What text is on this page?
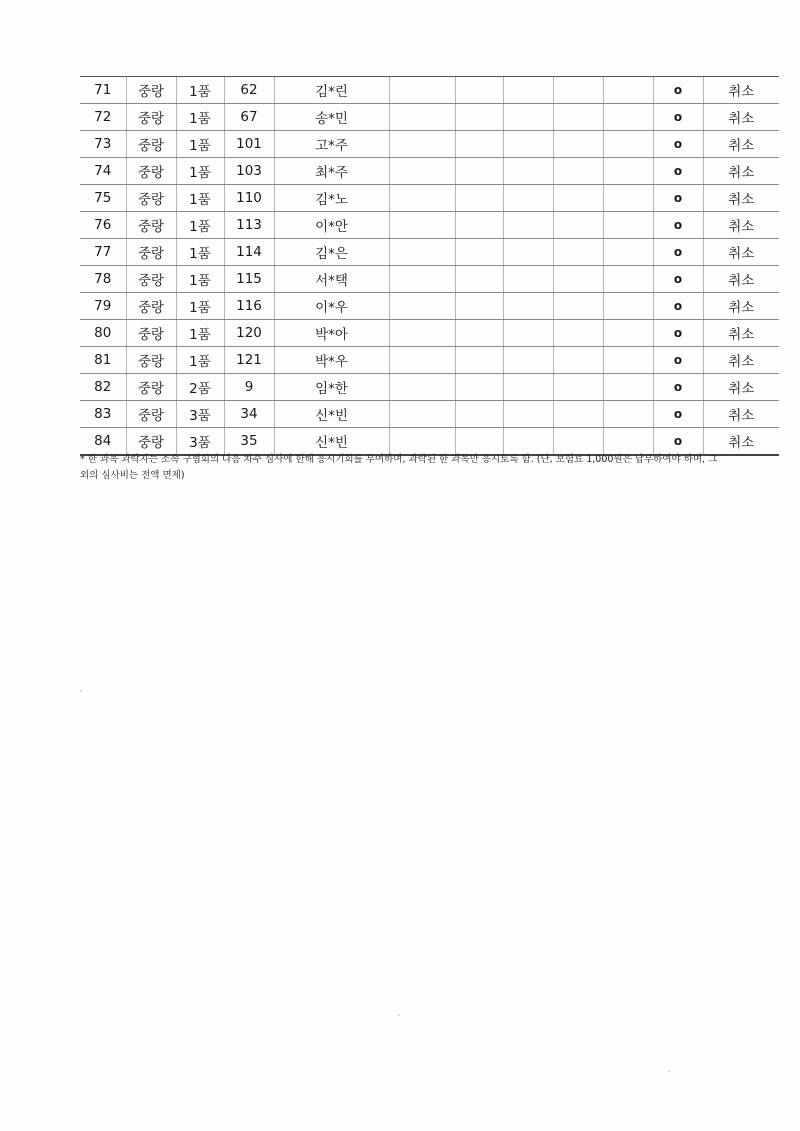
71	중랑	1품	62	김*린						o	취소
72	중랑	1품	67	송*민						o	취소
73	중랑	1품	101	고*주						o	취소
74	중랑	1품	103	최*주						o	취소
75	중랑	1품	110	김*노						o	취소
76	중랑	1품	113	이*안						o	취소
77	중랑	1품	114	김*은						o	취소
78	중랑	1품	115	서*택						o	취소
79	중랑	1품	116	이*우						o	취소
80	중랑	1품	120	박*아						o	취소
81	중랑	1품	121	박*우						o	취소
82	중랑	2품	9	임*한						o	취소
83	중랑	3품	34	신*빈						o	취소
84	중랑	3품	35	신*빈						o	취소
* 한 과목 과락자는 소속 구협회의 다음 차수 심사에 한해 응시기회를 부여하며, 과락된 한 과목만 응시토록 함. (단, 보험료 1,000원은 납부하여야 하며, 그 외의 심사비는 전액 면제)
